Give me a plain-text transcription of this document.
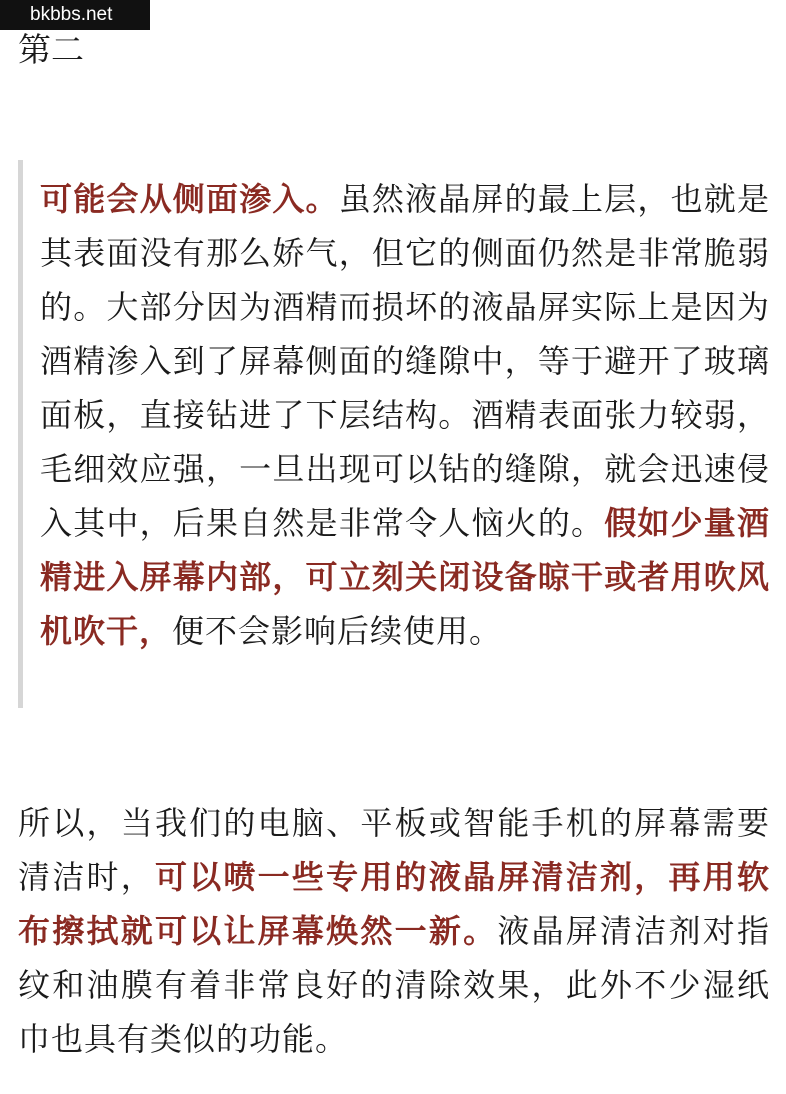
bkbbs.net
第二
可能会从侧面渗入。虽然液晶屏的最上层，也就是其表面没有那么娇气，但它的侧面仍然是非常脆弱的。大部分因为酒精而损坏的液晶屏实际上是因为酒精渗入到了屏幕侧面的缝隙中，等于避开了玻璃面板，直接钻进了下层结构。酒精表面张力较弱，毛细效应强，一旦出现可以钻的缝隙，就会迅速侵入其中，后果自然是非常令人恼火的。假如少量酒精进入屏幕内部，可立刻关闭设备晾干或者用吹风机吹干，便不会影响后续使用。
所以，当我们的电脑、平板或智能手机的屏幕需要清洁时，可以喷一些专用的液晶屏清洁剂，再用软布擦拭就可以让屏幕焕然一新。液晶屏清洁剂对指纹和油膜有着非常良好的清除效果，此外不少湿纸巾也具有类似的功能。
